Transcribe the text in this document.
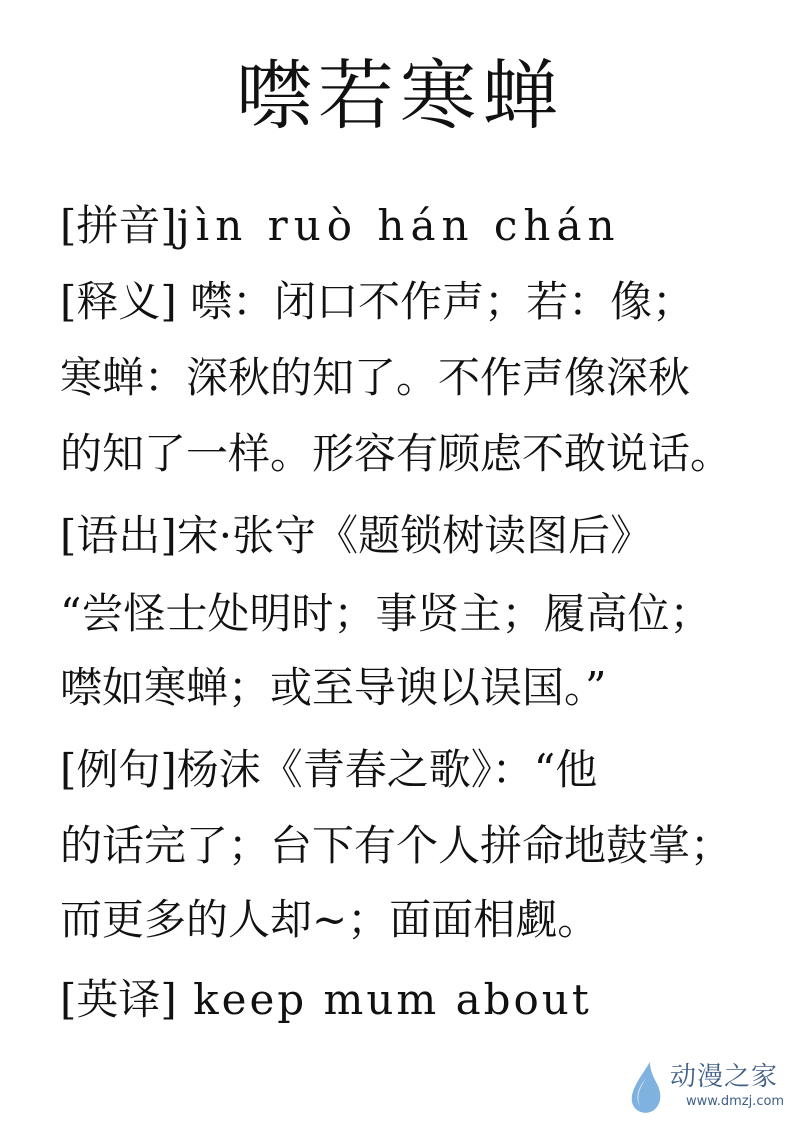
噤若寒蝉
[拼音]jìn ruò hán chán
[释义] 噤：闭口不作声；若：像；
寒蝉：深秋的知了。不作声像深秋
的知了一样。形容有顾虑不敢说话。
[语出]宋·张守《题锁树读图后》
“尝怪士处明时；事贤主；履高位；
噤如寒蝉；或至导谀以误国。”
[例句]杨沫《青春之歌》：“他
的话完了；台下有个人拼命地鼓掌；
而更多的人却~；面面相觑。
[英译] keep mum about
动漫之家
www.dmzj.com
